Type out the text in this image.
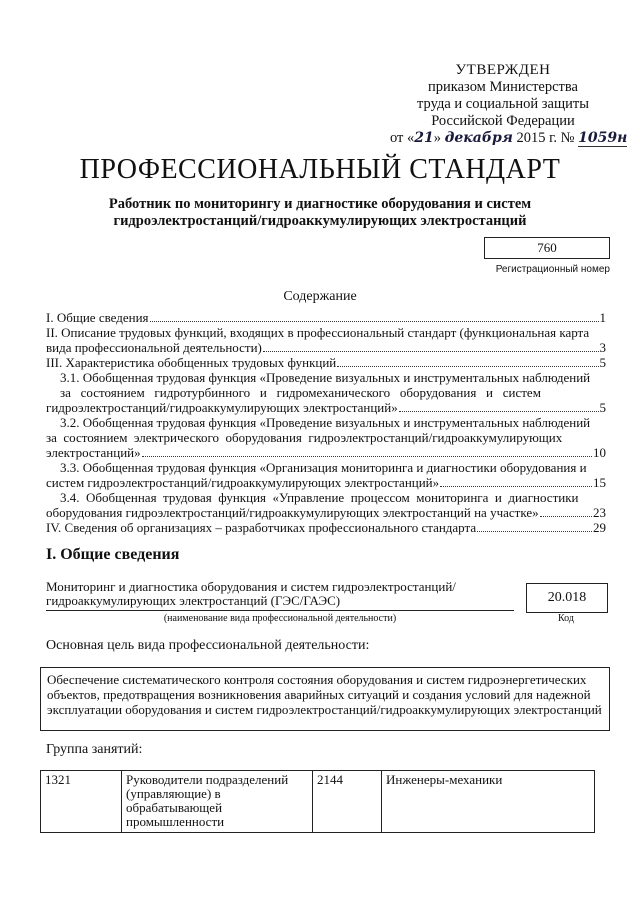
УТВЕРЖДЕН
приказом Министерства
труда и социальной защиты
Российской Федерации
от «21» декабря 2015 г. № 1059н
ПРОФЕССИОНАЛЬНЫЙ СТАНДАРТ
Работник по мониторингу и диагностике оборудования и систем
гидроэлектростанций/гидроаккумулирующих электростанций
760
Регистрационный номер
Содержание
I. Общие сведения	1
II. Описание трудовых функций, входящих в профессиональный стандарт (функциональная карта
вида профессиональной деятельности)	3
III. Характеристика обобщенных трудовых функций	5
3.1. Обобщенная трудовая функция «Проведение визуальных и инструментальных наблюдений
за   состоянием   гидротурбинного   и   гидромеханического   оборудования   и   систем
гидроэлектростанций/гидроаккумулирующих электростанций»	5
3.2. Обобщенная трудовая функция «Проведение визуальных и инструментальных наблюдений
за  состоянием  электрического  оборудования  гидроэлектростанций/гидроаккумулирующих
электростанций»	10
3.3. Обобщенная трудовая функция «Организация мониторинга и диагностики оборудования и
систем гидроэлектростанций/гидроаккумулирующих электростанций»	15
3.4.  Обобщенная  трудовая  функция  «Управление  процессом  мониторинга  и  диагностики
оборудования гидроэлектростанций/гидроаккумулирующих электростанций на участке»	23
IV. Сведения об организациях – разработчиках профессионального стандарта	29
I. Общие сведения
Мониторинг и диагностика оборудования и систем гидроэлектростанций/
гидроаккумулирующих электростанций (ГЭС/ГАЭС)	20.018
(наименование вида профессиональной деятельности)	Код
Основная цель вида профессиональной деятельности:
Обеспечение систематического контроля состояния оборудования и систем гидроэнергетических объектов, предотвращения возникновения аварийных ситуаций и создания условий для надежной эксплуатации оборудования и систем гидроэлектростанций/гидроаккумулирующих электростанций
Группа занятий:
1321	Руководители подразделений (управляющие) в обрабатывающей промышленности	2144	Инженеры-механики
